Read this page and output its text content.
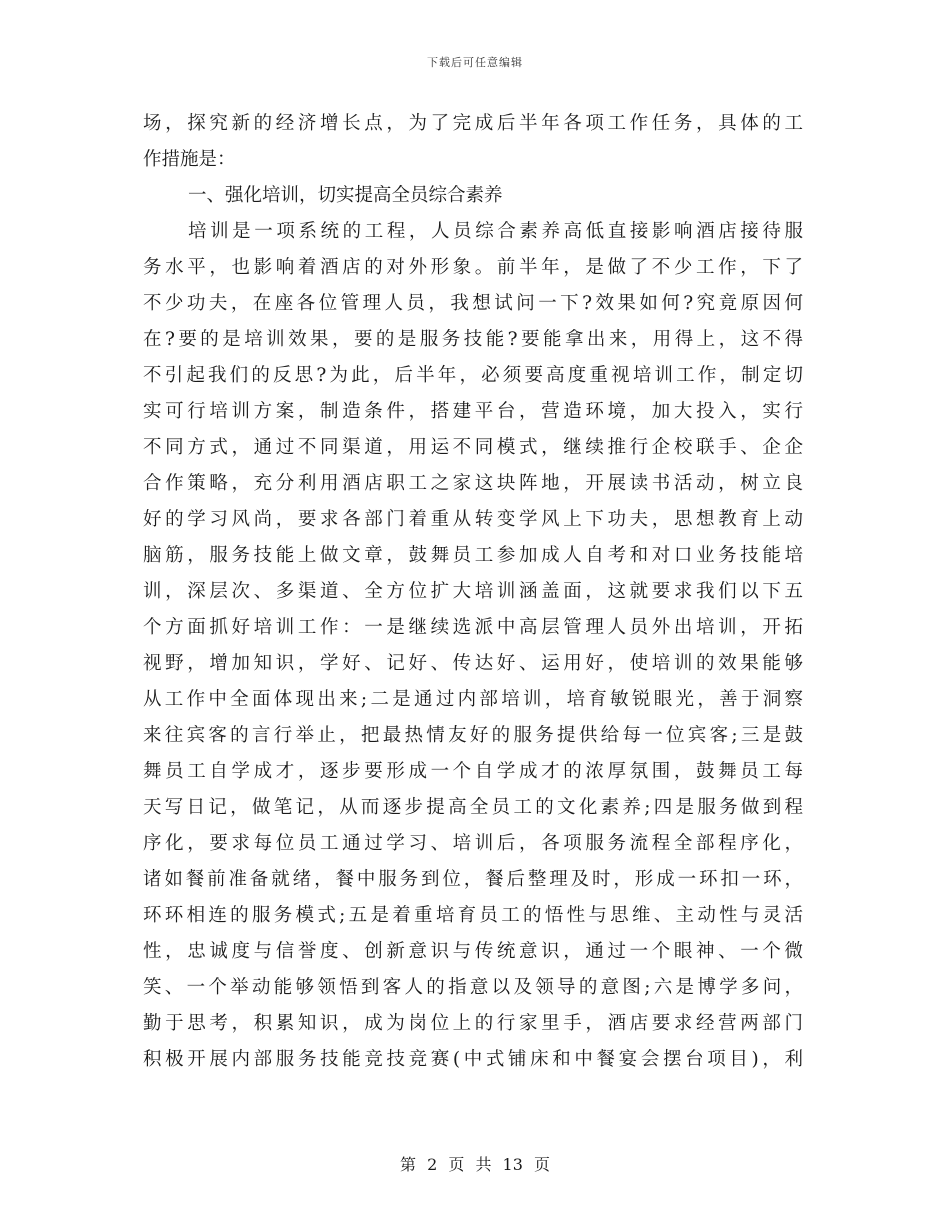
下载后可任意编辑
场，探究新的经济增长点，为了完成后半年各项工作任务，具体的工
作措施是：
一、强化培训，切实提高全员综合素养
培训是一项系统的工程，人员综合素养高低直接影响酒店接待服
务水平，也影响着酒店的对外形象。前半年，是做了不少工作，下了
不少功夫，在座各位管理人员，我想试问一下?效果如何?究竟原因何
在?要的是培训效果，要的是服务技能?要能拿出来，用得上，这不得
不引起我们的反思?为此，后半年，必须要高度重视培训工作，制定切
实可行培训方案，制造条件，搭建平台，营造环境，加大投入，实行
不同方式，通过不同渠道，用运不同模式，继续推行企校联手、企企
合作策略，充分利用酒店职工之家这块阵地，开展读书活动，树立良
好的学习风尚，要求各部门着重从转变学风上下功夫，思想教育上动
脑筋，服务技能上做文章，鼓舞员工参加成人自考和对口业务技能培
训，深层次、多渠道、全方位扩大培训涵盖面，这就要求我们以下五
个方面抓好培训工作：一是继续选派中高层管理人员外出培训，开拓
视野，增加知识，学好、记好、传达好、运用好，使培训的效果能够
从工作中全面体现出来;二是通过内部培训，培育敏锐眼光，善于洞察
来往宾客的言行举止，把最热情友好的服务提供给每一位宾客;三是鼓
舞员工自学成才，逐步要形成一个自学成才的浓厚氛围，鼓舞员工每
天写日记，做笔记，从而逐步提高全员工的文化素养;四是服务做到程
序化，要求每位员工通过学习、培训后，各项服务流程全部程序化，
诸如餐前准备就绪，餐中服务到位，餐后整理及时，形成一环扣一环，
环环相连的服务模式;五是着重培育员工的悟性与思维、主动性与灵活
性，忠诚度与信誉度、创新意识与传统意识，通过一个眼神、一个微
笑、一个举动能够领悟到客人的指意以及领导的意图;六是博学多问，
勤于思考，积累知识，成为岗位上的行家里手，酒店要求经营两部门
积极开展内部服务技能竞技竞赛(中式铺床和中餐宴会摆台项目)，利
第 2 页 共 13 页
